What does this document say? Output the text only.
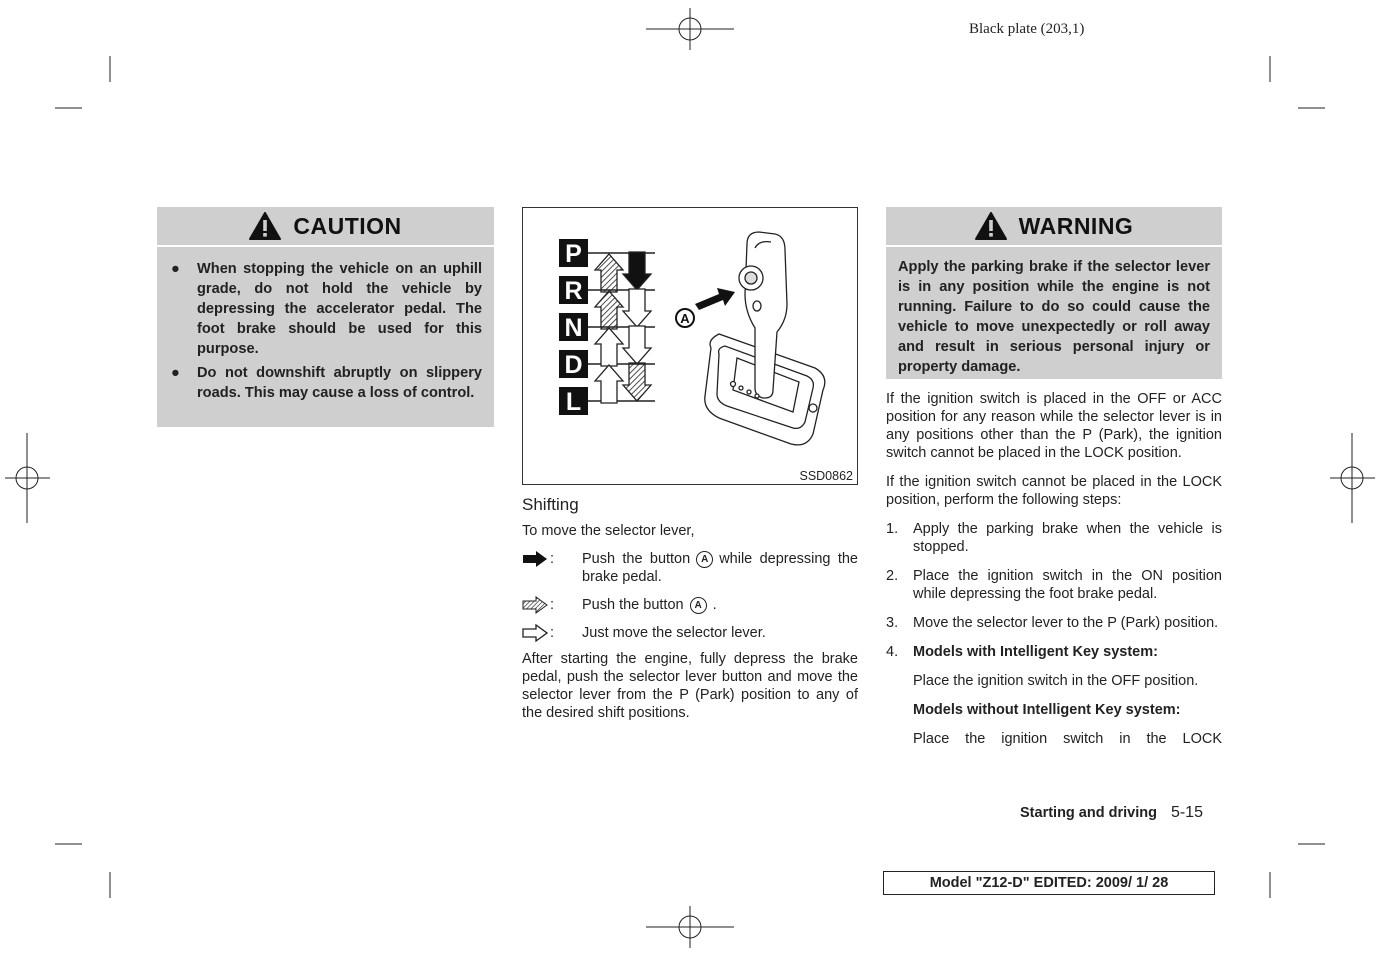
Black plate (203,1)
CAUTION
●	When stopping the vehicle on an uphill grade, do not hold the vehicle by depressing the accelerator pedal. The foot brake should be used for this purpose.
●	Do not downshift abruptly on slippery roads. This may cause a loss of control.
P
R
N
D
L
A
SSD0862
Shifting

To move the selector lever,

: Push the button A while depressing the brake pedal.
: Push the button A .
: Just move the selector lever.

After starting the engine, fully depress the brake pedal, push the selector lever button and move the selector lever from the P (Park) position to any of the desired shift positions.

WARNING
Apply the parking brake if the selector lever is in any position while the engine is not running. Failure to do so could cause the vehicle to move unexpectedly or roll away and result in serious personal injury or property damage.

If the ignition switch is placed in the OFF or ACC position for any reason while the selector lever is in any positions other than the P (Park), the ignition switch cannot be placed in the LOCK position.

If the ignition switch cannot be placed in the LOCK position, perform the following steps:

1.	Apply the parking brake when the vehicle is stopped.
2.	Place the ignition switch in the ON position while depressing the foot brake pedal.
3.	Move the selector lever to the P (Park) position.
4.	Models with Intelligent Key system:
Place the ignition switch in the OFF position.
Models without Intelligent Key system:
Place the ignition switch in the LOCK
Starting and driving 5-15
Model "Z12-D" EDITED: 2009/ 1/ 28
